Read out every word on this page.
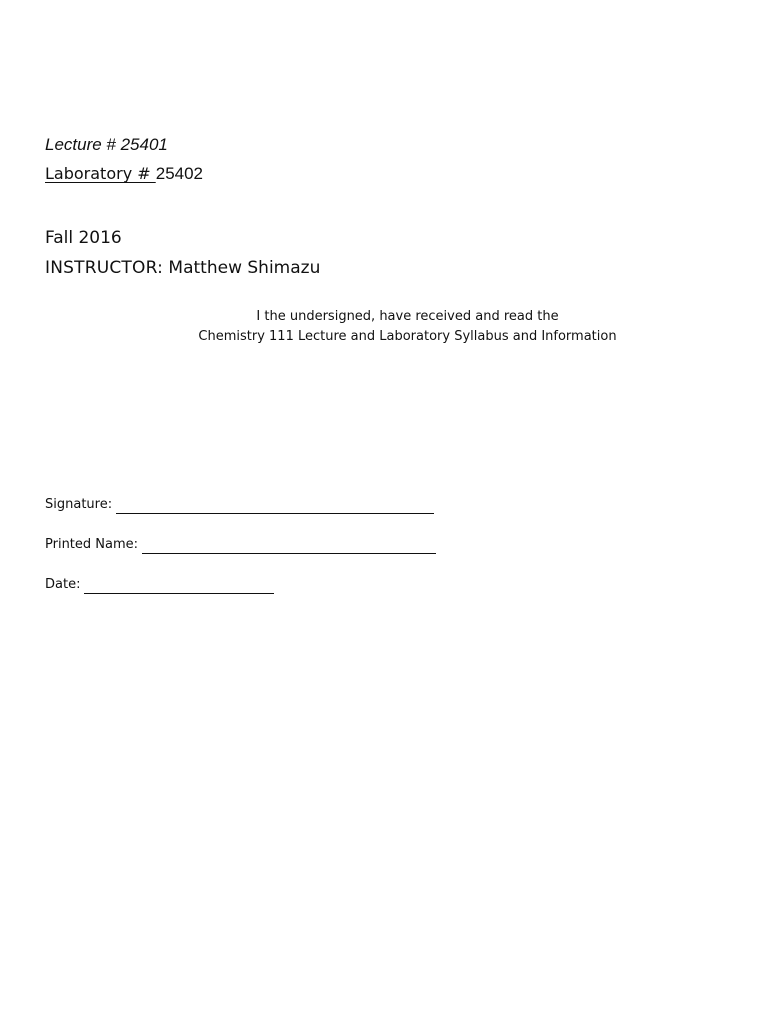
Lecture # 25401
Laboratory # 25402
Fall 2016
INSTRUCTOR: Matthew Shimazu
I the undersigned, have received and read the
Chemistry 111 Lecture and Laboratory Syllabus and Information
Signature:
Printed Name:
Date:
